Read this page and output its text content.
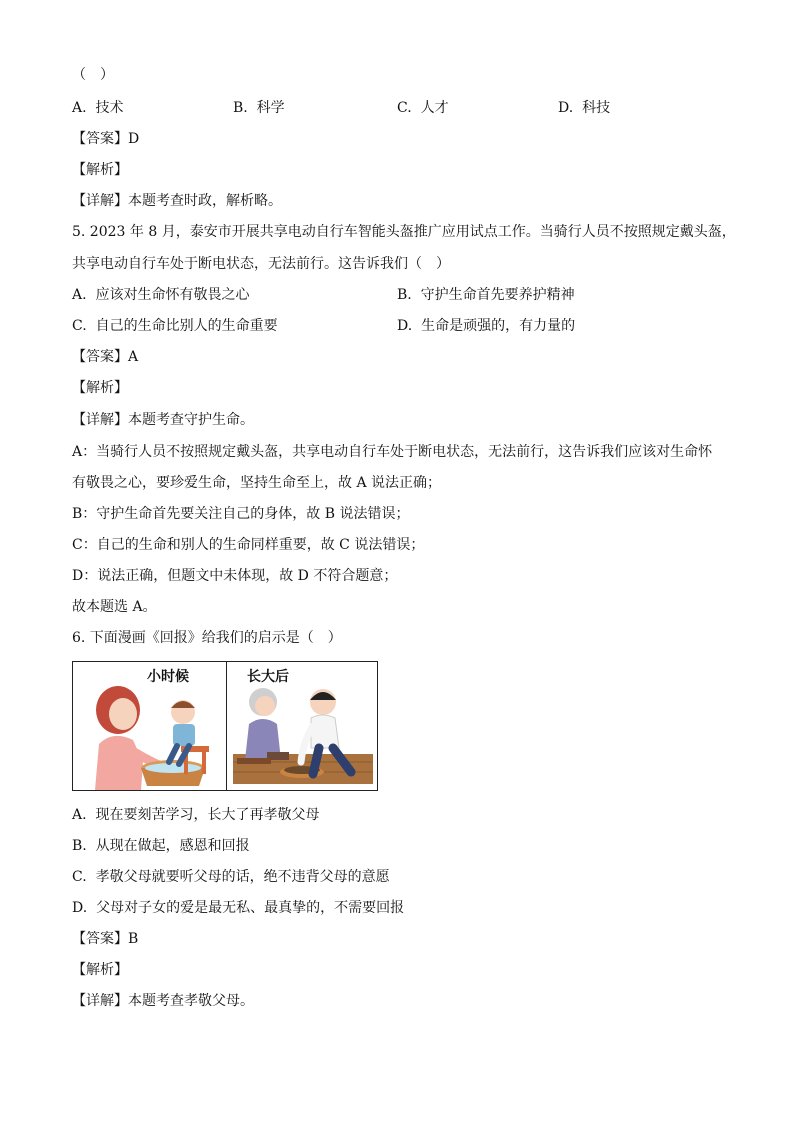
（　）
A. 技术	B. 科学	C. 人才	D. 科技
【答案】D
【解析】
【详解】本题考查时政，解析略。
5. 2023 年 8 月，泰安市开展共享电动自行车智能头盔推广应用试点工作。当骑行人员不按照规定戴头盔，
共享电动自行车处于断电状态，无法前行。这告诉我们（　）
A. 应该对生命怀有敬畏之心	B. 守护生命首先要养护精神
C. 自己的生命比别人的生命重要	D. 生命是顽强的，有力量的
【答案】A
【解析】
【详解】本题考查守护生命。
A：当骑行人员不按照规定戴头盔，共享电动自行车处于断电状态，无法前行，这告诉我们应该对生命怀
有敬畏之心，要珍爱生命，坚持生命至上，故 A 说法正确；
B：守护生命首先要关注自己的身体，故 B 说法错误；
C：自己的生命和别人的生命同样重要，故 C 说法错误；
D：说法正确，但题文中未体现，故 D 不符合题意；
故本题选 A。
6. 下面漫画《回报》给我们的启示是（　）
小时候	长大后
A. 现在要刻苦学习，长大了再孝敬父母
B. 从现在做起，感恩和回报
C. 孝敬父母就要听父母的话，绝不违背父母的意愿
D. 父母对子女的爱是最无私、最真挚的，不需要回报
【答案】B
【解析】
【详解】本题考查孝敬父母。
